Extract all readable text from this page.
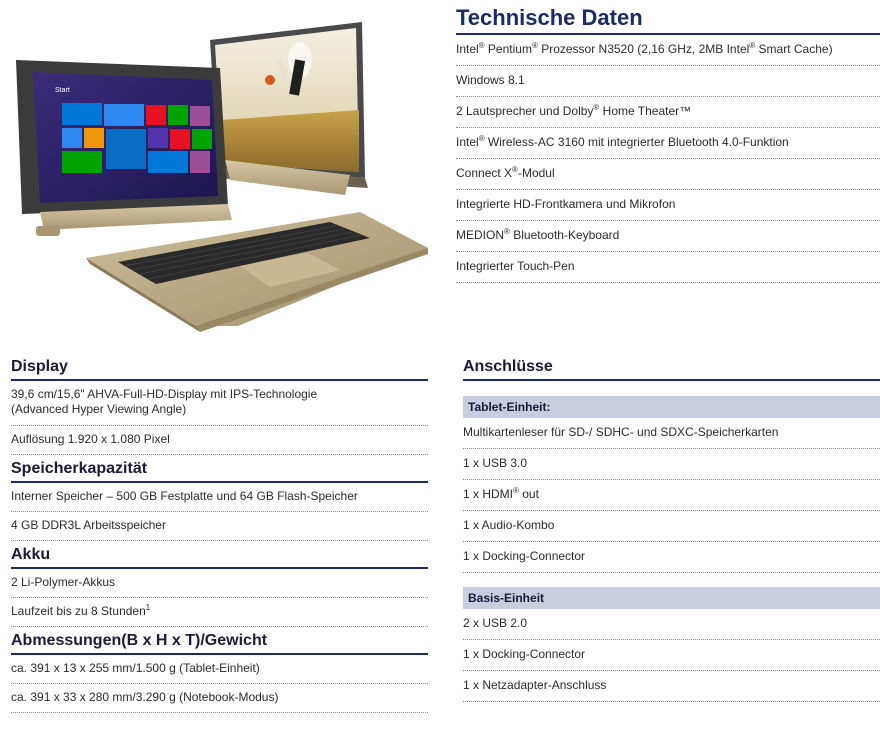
Start
Technische Daten
Intel® Pentium® Prozessor N3520 (2,16 GHz, 2MB Intel® Smart Cache)
Windows 8.1
2 Lautsprecher und Dolby® Home Theater™
Intel® Wireless-AC 3160 mit integrierter Bluetooth 4.0-Funktion
Connect X®-Modul
Integrierte HD-Frontkamera und Mikrofon
MEDION® Bluetooth-Keyboard
Integrierter Touch-Pen
Display
39,6 cm/15,6" AHVA-Full-HD-Display mit IPS-Technologie
(Advanced Hyper Viewing Angle)
Auflösung 1.920 x 1.080 Pixel
Speicherkapazität
Interner Speicher – 500 GB Festplatte und 64 GB Flash-Speicher
4 GB DDR3L Arbeitsspeicher
Akku
2 Li-Polymer-Akkus
Laufzeit bis zu 8 Stunden$^1$
Abmessungen(B x H x T)/Gewicht
ca. 391 x 13 x 255 mm/1.500 g (Tablet-Einheit)
ca. 391 x 33 x 280 mm/3.290 g (Notebook-Modus)
Anschlüsse
Tablet-Einheit:
Multikartenleser für SD-/ SDHC- und SDXC-Speicherkarten
1 x USB 3.0
1 x HDMI® out
1 x Audio-Kombo
1 x Docking-Connector
Basis-Einheit
2 x USB 2.0
1 x Docking-Connector
1 x Netzadapter-Anschluss
